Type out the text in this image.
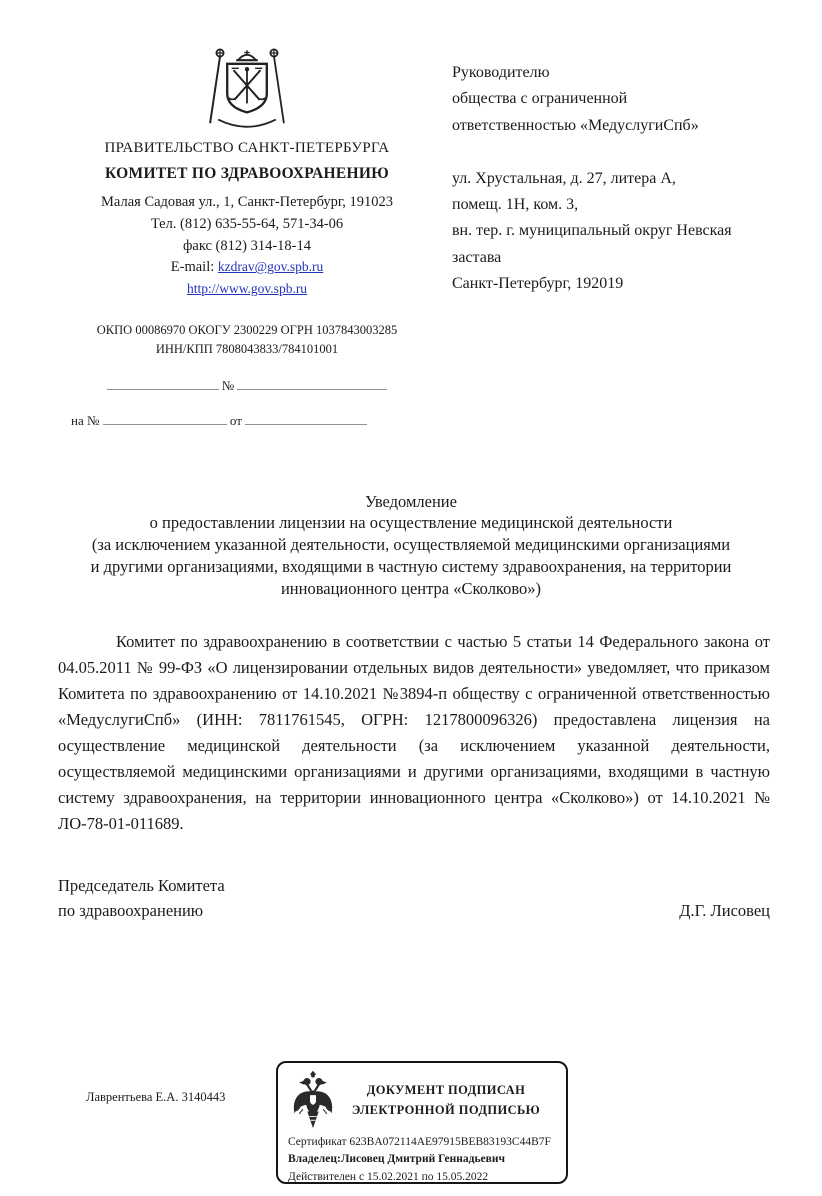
ПРАВИТЕЛЬСТВО САНКТ-ПЕТЕРБУРГА
КОМИТЕТ ПО ЗДРАВООХРАНЕНИЮ
Малая Садовая ул., 1, Санкт-Петербург, 191023
Тел. (812) 635-55-64, 571-34-06
факс (812) 314-18-14
E-mail: kzdrav@gov.spb.ru
http://www.gov.spb.ru
ОКПО 00086970 ОКОГУ 2300229 ОГРН 1037843003285
ИНН/КПП 7808043833/784101001
№
на №	от
Руководителю
общества с ограниченной
ответственностью «МедуслугиСпб»
ул. Хрустальная, д. 27, литера А,
помещ. 1Н, ком. 3,
вн. тер. г. муниципальный округ Невская
застава
Санкт-Петербург, 192019
Уведомление
о предоставлении лицензии на осуществление медицинской деятельности
(за исключением указанной деятельности, осуществляемой медицинскими организациями
и другими организациями, входящими в частную систему здравоохранения, на территории
инновационного центра «Сколково»)
Комитет по здравоохранению в соответствии с частью 5 статьи 14 Федерального закона от 04.05.2011 № 99-ФЗ «О лицензировании отдельных видов деятельности» уведомляет, что приказом Комитета по здравоохранению от 14.10.2021 №3894-п обществу с ограниченной ответственностью «МедуслугиСпб» (ИНН: 7811761545, ОГРН: 1217800096326) предоставлена лицензия на осуществление медицинской деятельности (за исключением указанной деятельности, осуществляемой медицинскими организациями и другими организациями, входящими в частную систему здравоохранения, на территории инновационного центра «Сколково») от 14.10.2021 № ЛО-78-01-011689.
Председатель Комитета
по здравоохранению	Д.Г. Лисовец
Лаврентьева Е.А. 3140443	ДОКУМЕНТ ПОДПИСАН
ЭЛЕКТРОННОЙ ПОДПИСЬЮ
Сертификат 623BA072114AE97915BEB83193C44B7F
Владелец:Лисовец Дмитрий Геннадьевич
Действителен с 15.02.2021 по 15.05.2022
